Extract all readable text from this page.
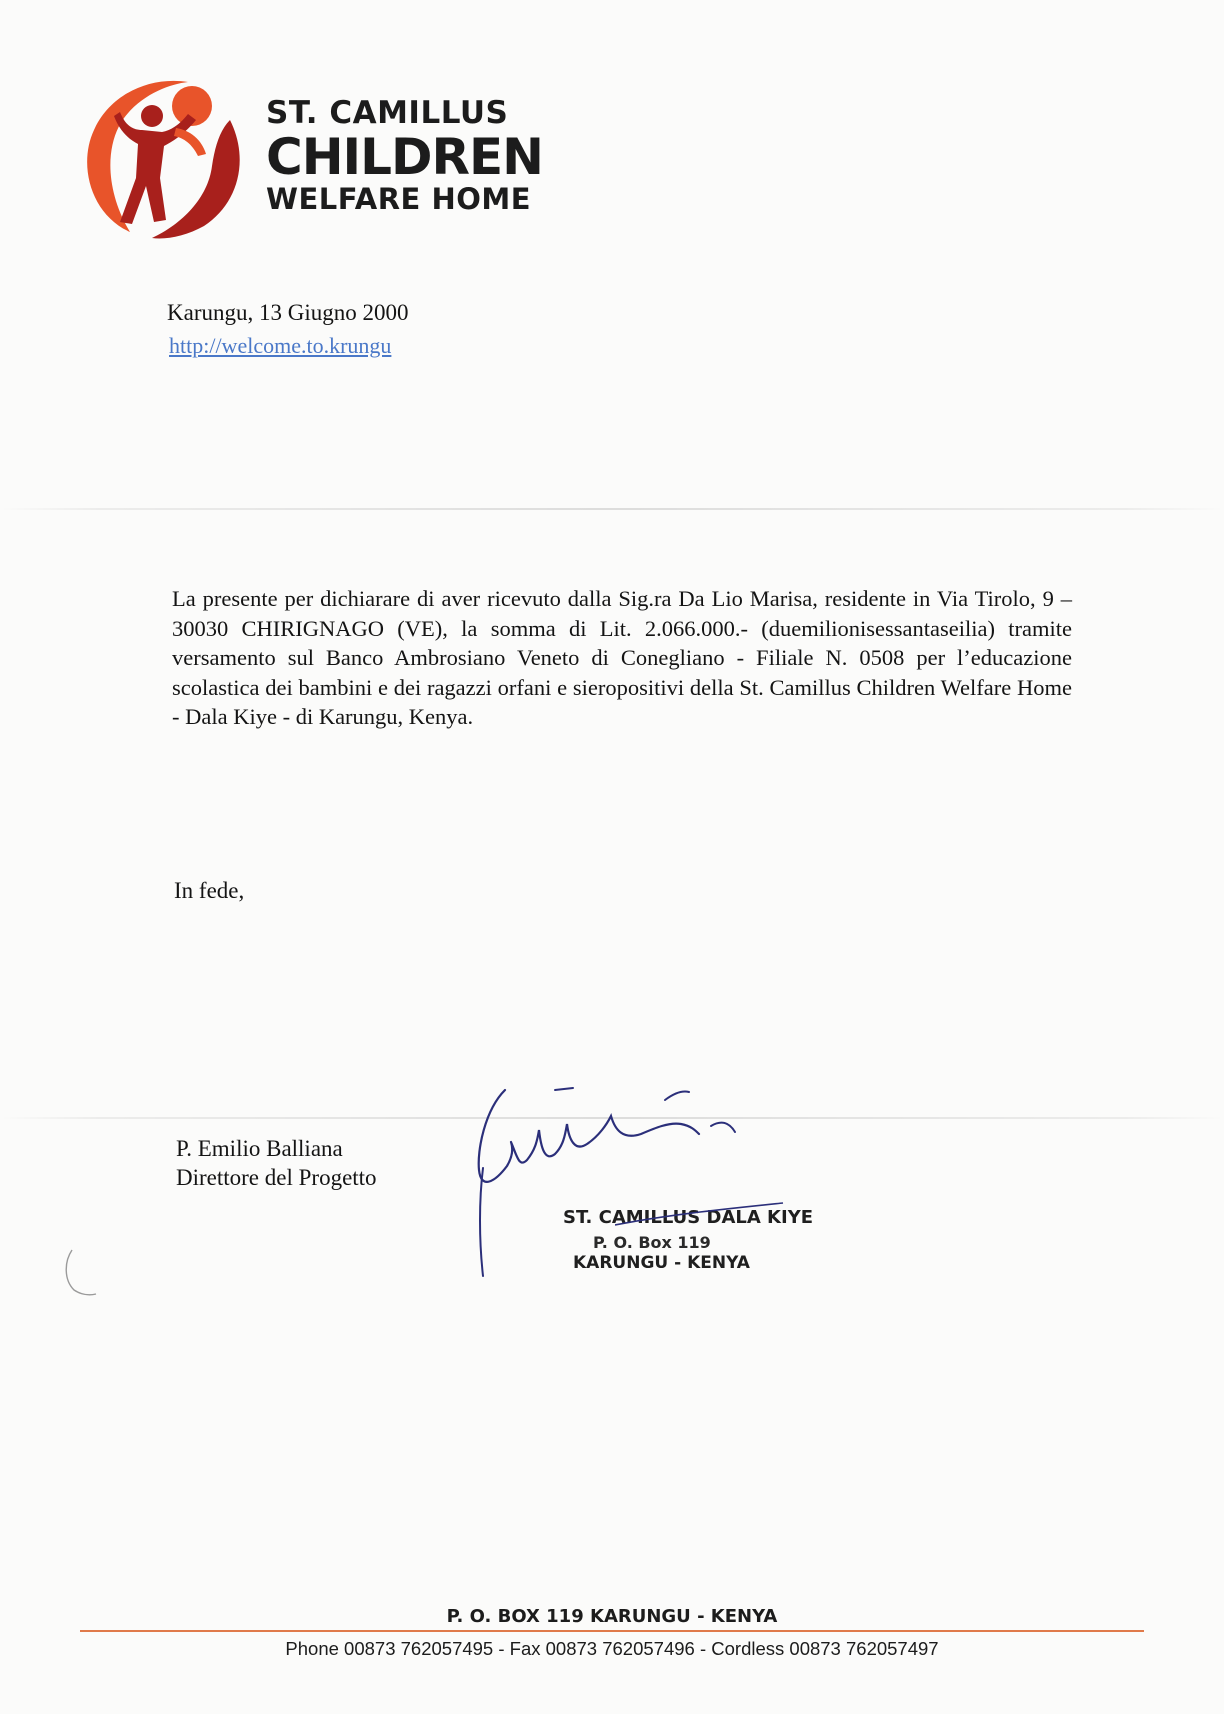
ST. CAMILLUS
CHILDREN
WELFARE HOME
Karungu, 13 Giugno 2000
http://welcome.to.krungu
La presente per dichiarare di aver ricevuto dalla Sig.ra Da Lio Marisa, residente in Via Tirolo, 9 – 30030 CHIRIGNAGO (VE), la somma di Lit. 2.066.000.- (duemilionisessantaseilia) tramite versamento sul Banco Ambrosiano Veneto di Conegliano - Filiale N. 0508 per l’educazione scolastica dei bambini e dei ragazzi orfani e sieropositivi della St. Camillus Children Welfare Home - Dala Kiye - di Karungu, Kenya.
In fede,
P. Emilio Balliana
Direttore del Progetto
ST. CAMILLUS DALA KIYE
P. O. Box 119
KARUNGU - KENYA
P. O. BOX 119 KARUNGU - KENYA
Phone 00873 762057495 - Fax 00873 762057496 - Cordless 00873 762057497
